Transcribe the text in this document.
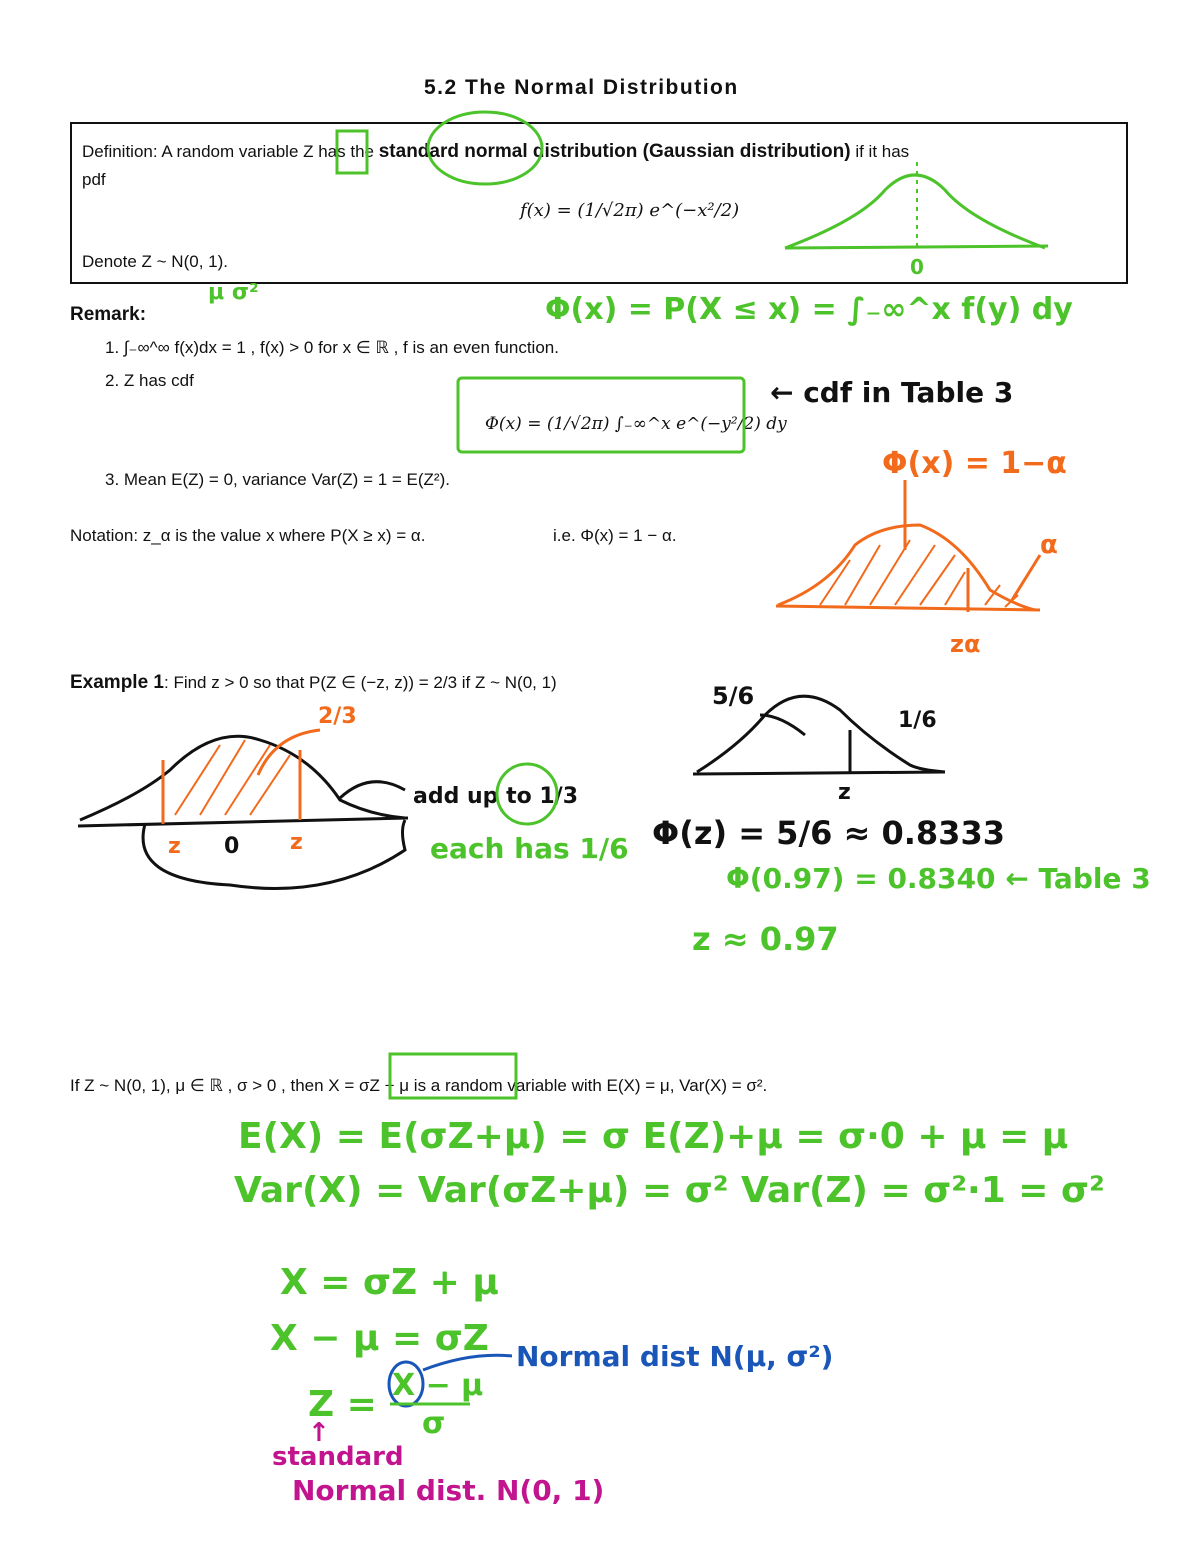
5.2 The Normal Distribution
Definition: A random variable Z has the standard normal distribution (Gaussian distribution) if it has
pdf
f(x) = (1/√2π) e^(−x²/2)
Denote Z ~ N(0, 1).
Remark:
1. ∫₋∞^∞ f(x)dx = 1 , f(x) > 0 for x ∈ ℝ , f is an even function.
2. Z has cdf
Φ(x) = (1/√2π) ∫₋∞^x e^(−y²/2) dy
3. Mean E(Z) = 0, variance Var(Z) = 1 = E(Z²).
Notation: z_α is the value x where P(X ≥ x) = α.	i.e. Φ(x) = 1 − α.
Example 1: Find z > 0 so that P(Z ∈ (−z, z)) = 2/3 if Z ~ N(0, 1)
If Z ~ N(0, 1), μ ∈ ℝ , σ > 0 , then X = σZ + μ is a random variable with E(X) = μ, Var(X) = σ².
μ σ²	Φ(x) = P(X ≤ x) = ∫₋∞^x f(y) dy
← cdf in Table 3
Φ(x) = 1−α
α
zα
0
2/3
add up to 1/3
each has 1/6
z 0 z
5/6
1/6
z
Φ(z) = 5/6 ≈ 0.8333
Φ(0.97) = 0.8340 ← Table 3
z ≈ 0.97
E(X) = E(σZ+μ) = σ E(Z)+μ = σ·0 + μ = μ
Var(X) = Var(σZ+μ) = σ² Var(Z) = σ²·1 = σ²
X = σZ + μ
X − μ = σZ
Z = X − μ
σ
Normal dist N(μ, σ²)
↑
standard
Normal dist. N(0, 1)
